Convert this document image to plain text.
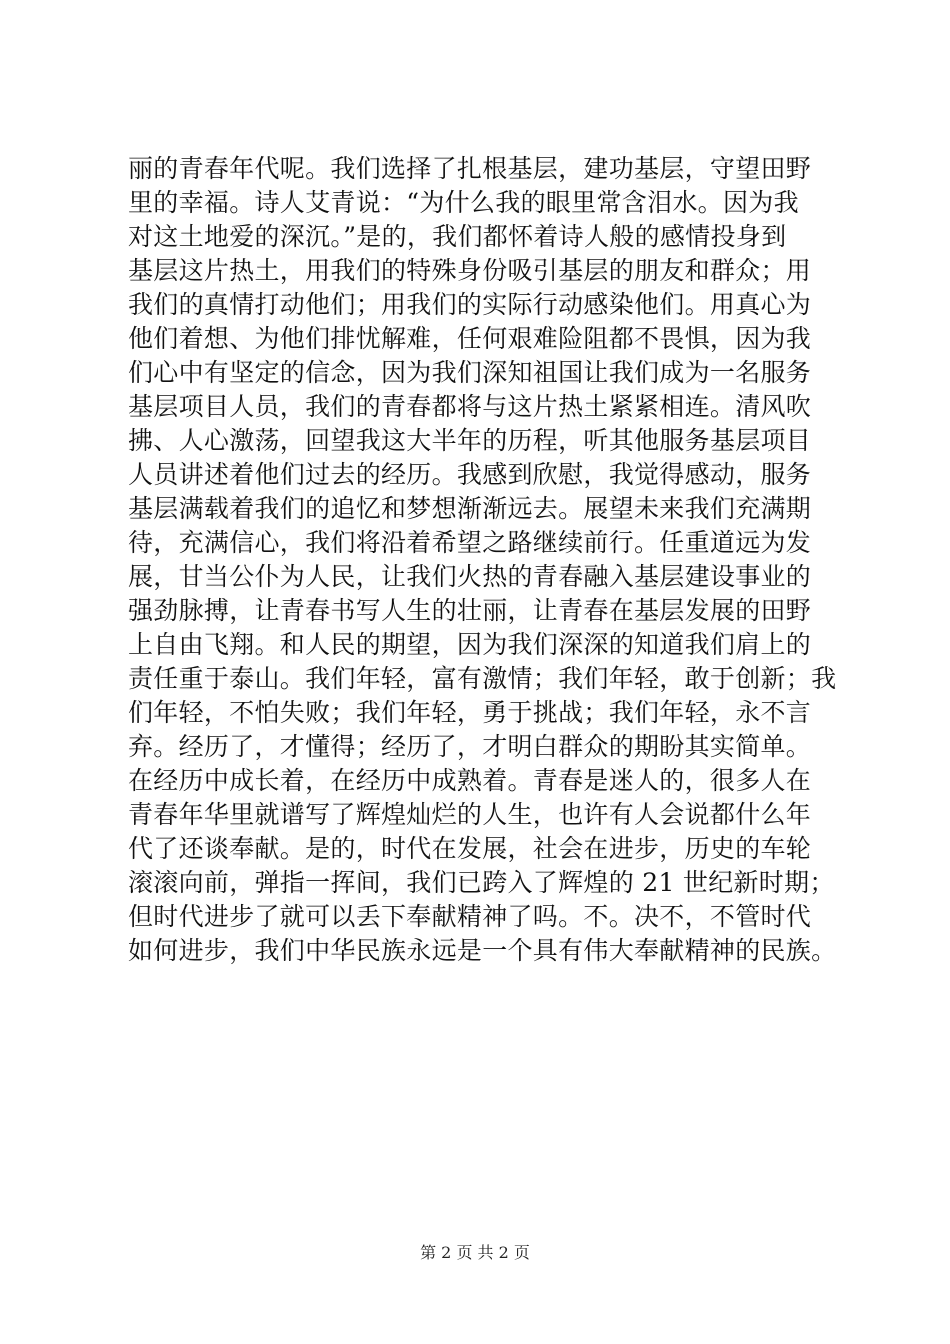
丽的青春年代呢。我们选择了扎根基层，建功基层，守望田野
里的幸福。诗人艾青说：“为什么我的眼里常含泪水。因为我
对这土地爱的深沉。”是的，我们都怀着诗人般的感情投身到
基层这片热土，用我们的特殊身份吸引基层的朋友和群众；用
我们的真情打动他们；用我们的实际行动感染他们。用真心为
他们着想、为他们排忧解难，任何艰难险阻都不畏惧，因为我
们心中有坚定的信念，因为我们深知祖国让我们成为一名服务
基层项目人员，我们的青春都将与这片热土紧紧相连。清风吹
拂、人心激荡，回望我这大半年的历程，听其他服务基层项目
人员讲述着他们过去的经历。我感到欣慰，我觉得感动，服务
基层满载着我们的追忆和梦想渐渐远去。展望未来我们充满期
待，充满信心，我们将沿着希望之路继续前行。任重道远为发
展，甘当公仆为人民，让我们火热的青春融入基层建设事业的
强劲脉搏，让青春书写人生的壮丽，让青春在基层发展的田野
上自由飞翔。和人民的期望，因为我们深深的知道我们肩上的
责任重于泰山。我们年轻，富有激情；我们年轻，敢于创新；我
们年轻，不怕失败；我们年轻，勇于挑战；我们年轻，永不言
弃。经历了，才懂得；经历了，才明白群众的期盼其实简单。
在经历中成长着，在经历中成熟着。青春是迷人的，很多人在
青春年华里就谱写了辉煌灿烂的人生，也许有人会说都什么年
代了还谈奉献。是的，时代在发展，社会在进步，历史的车轮
滚滚向前，弹指一挥间，我们已跨入了辉煌的 21 世纪新时期；
但时代进步了就可以丢下奉献精神了吗。不。决不，不管时代
如何进步，我们中华民族永远是一个具有伟大奉献精神的民族。
第 2 页 共 2 页
